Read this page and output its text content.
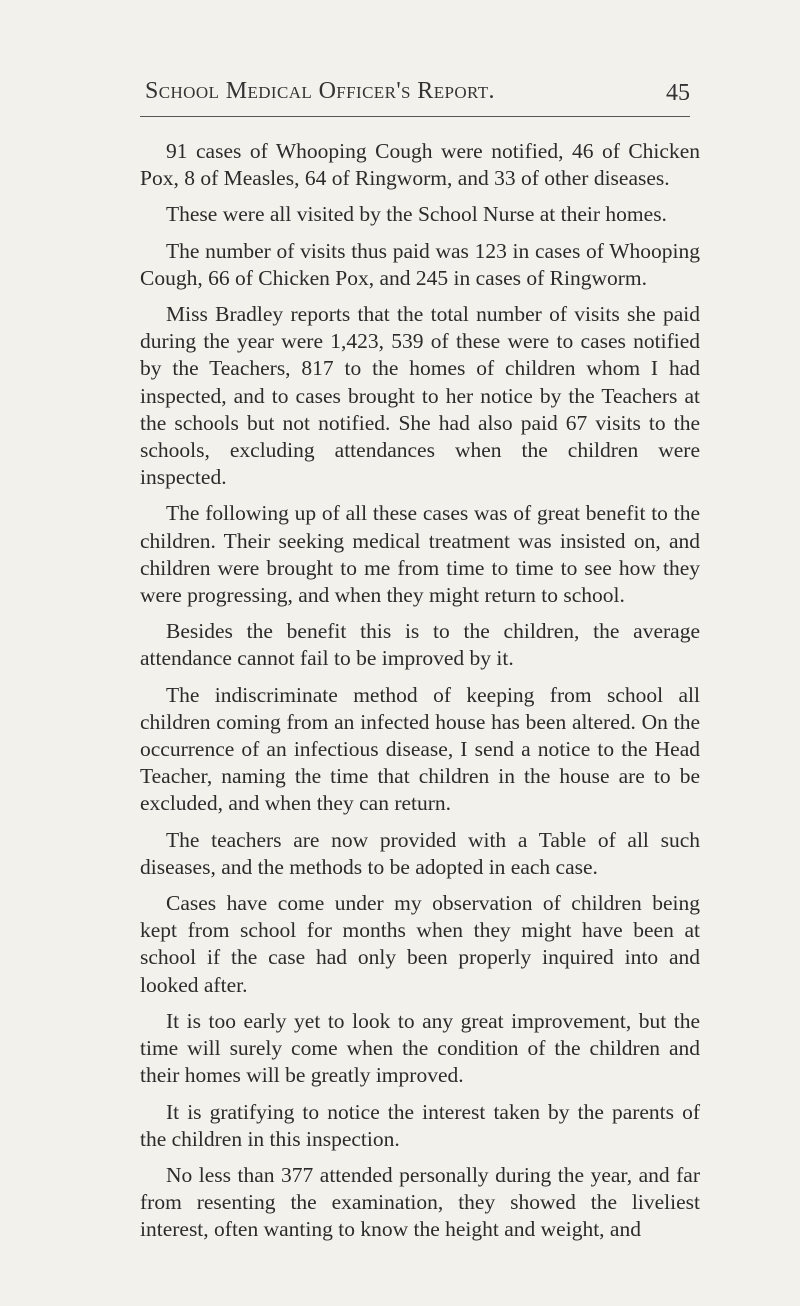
School Medical Officer's Report.	45

91 cases of Whooping Cough were notified, 46 of Chicken Pox, 8 of Measles, 64 of Ringworm, and 33 of other diseases.

These were all visited by the School Nurse at their homes.

The number of visits thus paid was 123 in cases of Whooping Cough, 66 of Chicken Pox, and 245 in cases of Ringworm.

Miss Bradley reports that the total number of visits she paid during the year were 1,423, 539 of these were to cases notified by the Teachers, 817 to the homes of children whom I had inspected, and to cases brought to her notice by the Teachers at the schools but not notified. She had also paid 67 visits to the schools, excluding attendances when the children were inspected.

The following up of all these cases was of great benefit to the children. Their seeking medical treatment was insisted on, and children were brought to me from time to time to see how they were progressing, and when they might return to school.

Besides the benefit this is to the children, the average attendance cannot fail to be improved by it.

The indiscriminate method of keeping from school all children coming from an infected house has been altered. On the occurrence of an infectious disease, I send a notice to the Head Teacher, naming the time that children in the house are to be excluded, and when they can return.

The teachers are now provided with a Table of all such diseases, and the methods to be adopted in each case.

Cases have come under my observation of children being kept from school for months when they might have been at school if the case had only been properly inquired into and looked after.

It is too early yet to look to any great improvement, but the time will surely come when the condition of the children and their homes will be greatly improved.

It is gratifying to notice the interest taken by the parents of the children in this inspection.

No less than 377 attended personally during the year, and far from resenting the examination, they showed the liveliest interest, often wanting to know the height and weight, and
